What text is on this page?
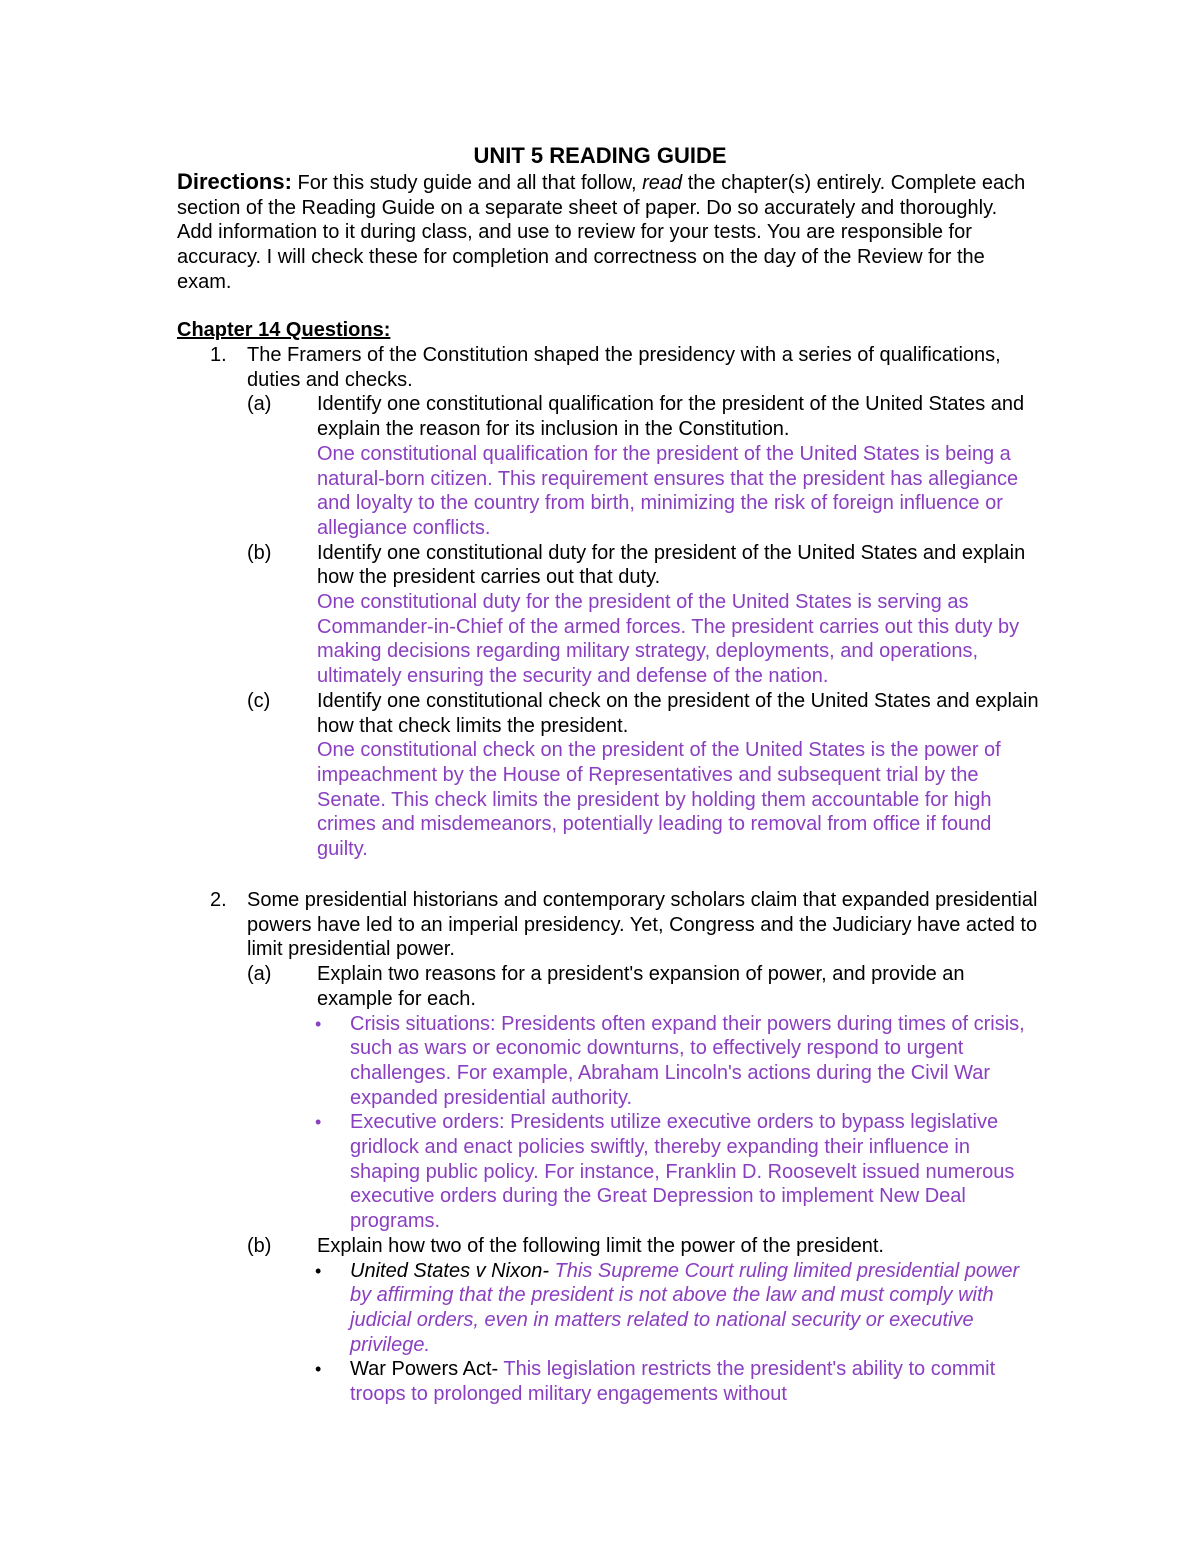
UNIT 5 READING GUIDE
Directions: For this study guide and all that follow, read the chapter(s) entirely. Complete each section of the Reading Guide on a separate sheet of paper. Do so accurately and thoroughly. Add information to it during class, and use to review for your tests. You are responsible for accuracy. I will check these for completion and correctness on the day of the Review for the exam.
Chapter 14 Questions:
1. The Framers of the Constitution shaped the presidency with a series of qualifications, duties and checks.
(a) Identify one constitutional qualification for the president of the United States and explain the reason for its inclusion in the Constitution.
One constitutional qualification for the president of the United States is being a natural-born citizen. This requirement ensures that the president has allegiance and loyalty to the country from birth, minimizing the risk of foreign influence or allegiance conflicts.
(b) Identify one constitutional duty for the president of the United States and explain how the president carries out that duty.
One constitutional duty for the president of the United States is serving as Commander-in-Chief of the armed forces. The president carries out this duty by making decisions regarding military strategy, deployments, and operations, ultimately ensuring the security and defense of the nation.
(c) Identify one constitutional check on the president of the United States and explain how that check limits the president.
One constitutional check on the president of the United States is the power of impeachment by the House of Representatives and subsequent trial by the Senate. This check limits the president by holding them accountable for high crimes and misdemeanors, potentially leading to removal from office if found guilty.
2. Some presidential historians and contemporary scholars claim that expanded presidential powers have led to an imperial presidency. Yet, Congress and the Judiciary have acted to limit presidential power.
(a) Explain two reasons for a president's expansion of power, and provide an example for each.
• Crisis situations: Presidents often expand their powers during times of crisis, such as wars or economic downturns, to effectively respond to urgent challenges. For example, Abraham Lincoln's actions during the Civil War expanded presidential authority.
• Executive orders: Presidents utilize executive orders to bypass legislative gridlock and enact policies swiftly, thereby expanding their influence in shaping public policy. For instance, Franklin D. Roosevelt issued numerous executive orders during the Great Depression to implement New Deal programs.
(b) Explain how two of the following limit the power of the president.
• United States v Nixon- This Supreme Court ruling limited presidential power by affirming that the president is not above the law and must comply with judicial orders, even in matters related to national security or executive privilege.
• War Powers Act- This legislation restricts the president's ability to commit troops to prolonged military engagements without
